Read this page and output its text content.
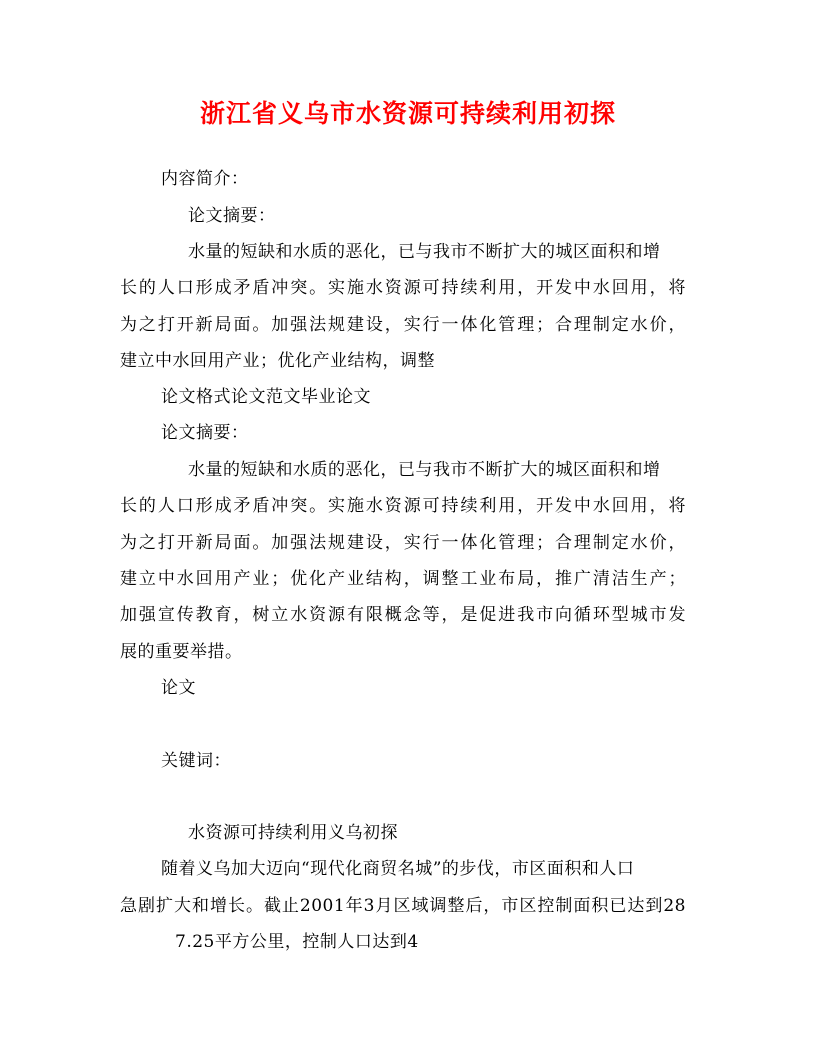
浙江省义乌市水资源可持续利用初探
内容简介：
论文摘要：
水量的短缺和水质的恶化，已与我市不断扩大的城区面积和增
长的人口形成矛盾冲突。实施水资源可持续利用，开发中水回用，将
为之打开新局面。加强法规建设，实行一体化管理；合理制定水价，
建立中水回用产业；优化产业结构，调整
论文格式论文范文毕业论文
论文摘要：
水量的短缺和水质的恶化，已与我市不断扩大的城区面积和增
长的人口形成矛盾冲突。实施水资源可持续利用，开发中水回用，将
为之打开新局面。加强法规建设，实行一体化管理；合理制定水价，
建立中水回用产业；优化产业结构，调整工业布局，推广清洁生产；
加强宣传教育，树立水资源有限概念等，是促进我市向循环型城市发
展的重要举措。
论文
关键词：
水资源可持续利用义乌初探
随着义乌加大迈向“现代化商贸名城”的步伐，市区面积和人口
急剧扩大和增长。截止2001年3月区域调整后，市区控制面积已达到28
7.25平方公里，控制人口达到4
